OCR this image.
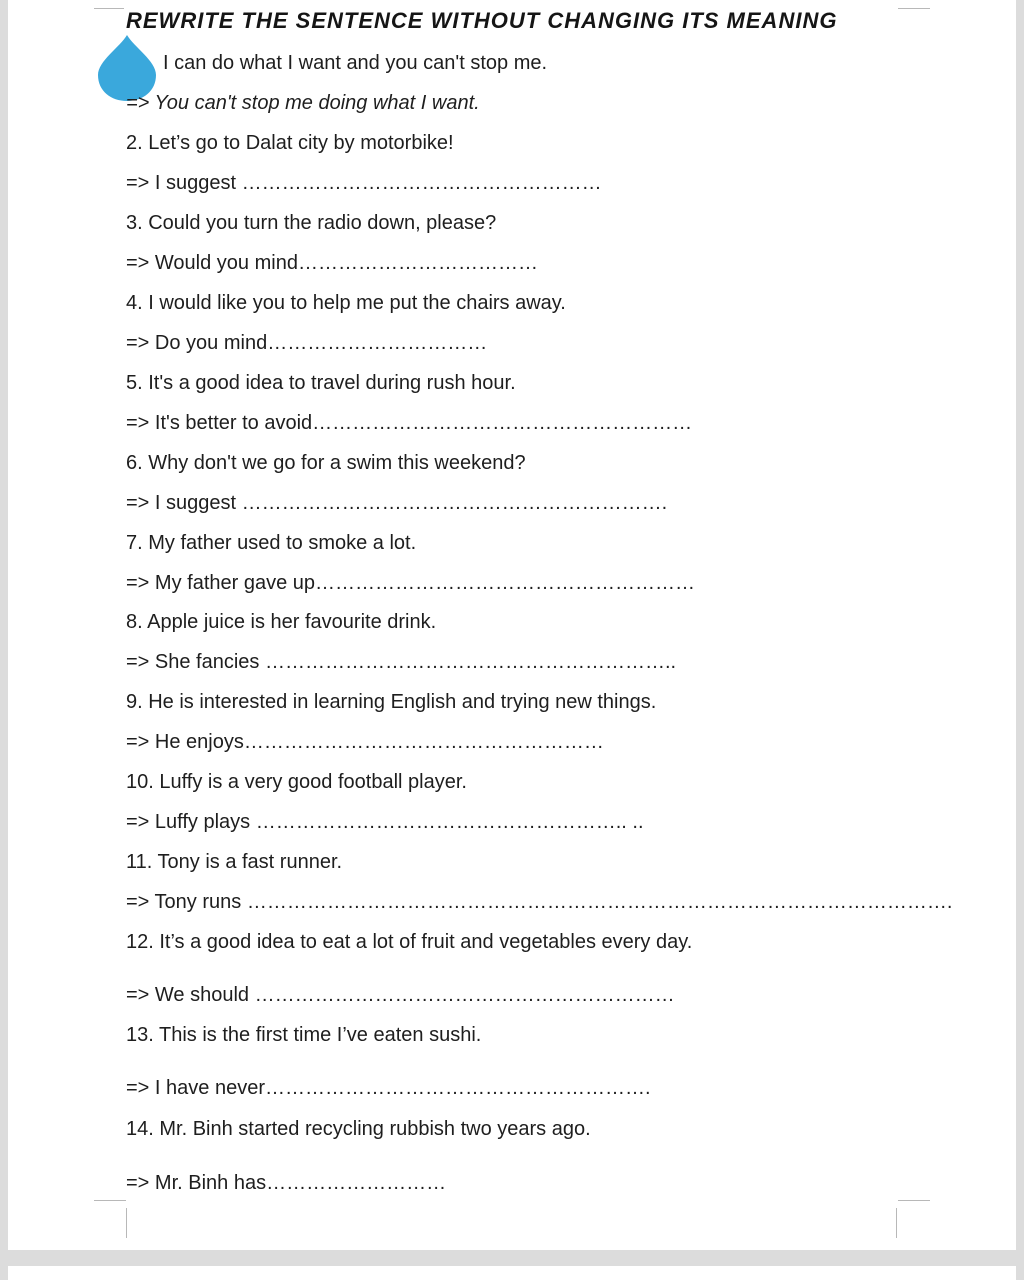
REWRITE THE SENTENCE WITHOUT CHANGING ITS MEANING
I can do what I want and you can't stop me.
=> You can't stop me doing what I want.
2. Let’s go to Dalat city by motorbike!
=> I suggest ………………………………………………
3. Could you turn the radio down, please?
=> Would you mind………………………………
4. I would like you to help me put the chairs away.
=> Do you mind……………………………
5. It's a good idea to travel during rush hour.
=> It's better to avoid…………………………………………………
6. Why don't we go for a swim this weekend?
=> I suggest ……………………………………………………….
7. My father used to smoke a lot.
=> My father gave up…………………………………………………
8. Apple juice is her favourite drink.
=> She fancies ……………………………………………………..
9. He is interested in learning English and trying new things.
=> He enjoys………………………………………………
10. Luffy is a very good football player.
=> Luffy plays ……………………………………………….. ..
11. Tony is a fast runner.
=> Tony runs …………………………………………………………………………………………….
12. It’s a good idea to eat a lot of fruit and vegetables every day.
=> We should ………………………………………………………
13. This is the first time I’ve eaten sushi.
=> I have never………………………………………………….
14. Mr. Binh started recycling rubbish two years ago.
=> Mr. Binh has………………………
